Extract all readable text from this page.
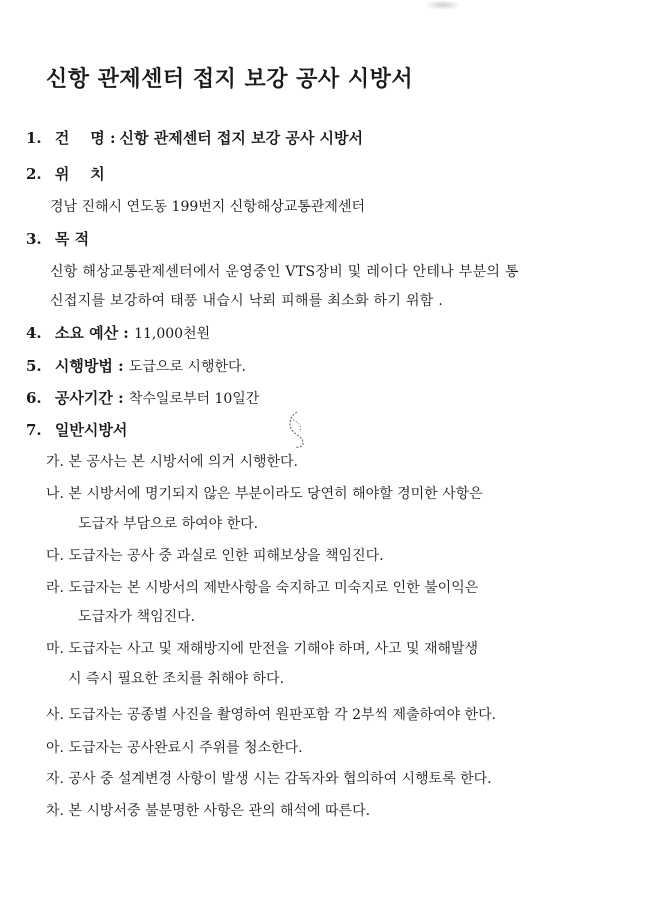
신항 관제센터 접지 보강 공사 시방서
1. 건    명 : 신항 관제센터 접지 보강 공사 시방서
2. 위    치
경남 진해시 연도동 199번지 신항해상교통관제센터
3. 목 적
신항 해상교통관제센터에서 운영중인 VTS장비 및 레이다 안테나 부분의 통
신접지를 보강하여 태풍 내습시 낙뢰 피해를 최소화 하기 위함 .
4. 소요 예산 : 11,000천원
5. 시행방법 : 도급으로 시행한다.
6. 공사기간 : 착수일로부터 10일간
7. 일반시방서
가. 본 공사는 본 시방서에 의거 시행한다.
나. 본 시방서에 명기되지 않은 부분이라도 당연히 해야할 경미한 사항은
도급자 부담으로 하여야 한다.
다. 도급자는 공사 중 과실로 인한 피해보상을 책임진다.
라. 도급자는 본 시방서의 제반사항을 숙지하고 미숙지로 인한 불이익은
도급자가 책임진다.
마. 도급자는 사고 및 재해방지에 만전을 기해야 하며, 사고 및 재해발생
시 즉시 필요한 조치를 취해야 하다.
사. 도급자는 공종별 사진을 촬영하여 원판포함 각 2부씩 제출하여야 한다.
아. 도급자는 공사완료시 주위를 청소한다.
자. 공사 중 설계변경 사항이 발생 시는 감독자와 협의하여 시행토록 한다.
차. 본 시방서중 불분명한 사항은 관의 해석에 따른다.
